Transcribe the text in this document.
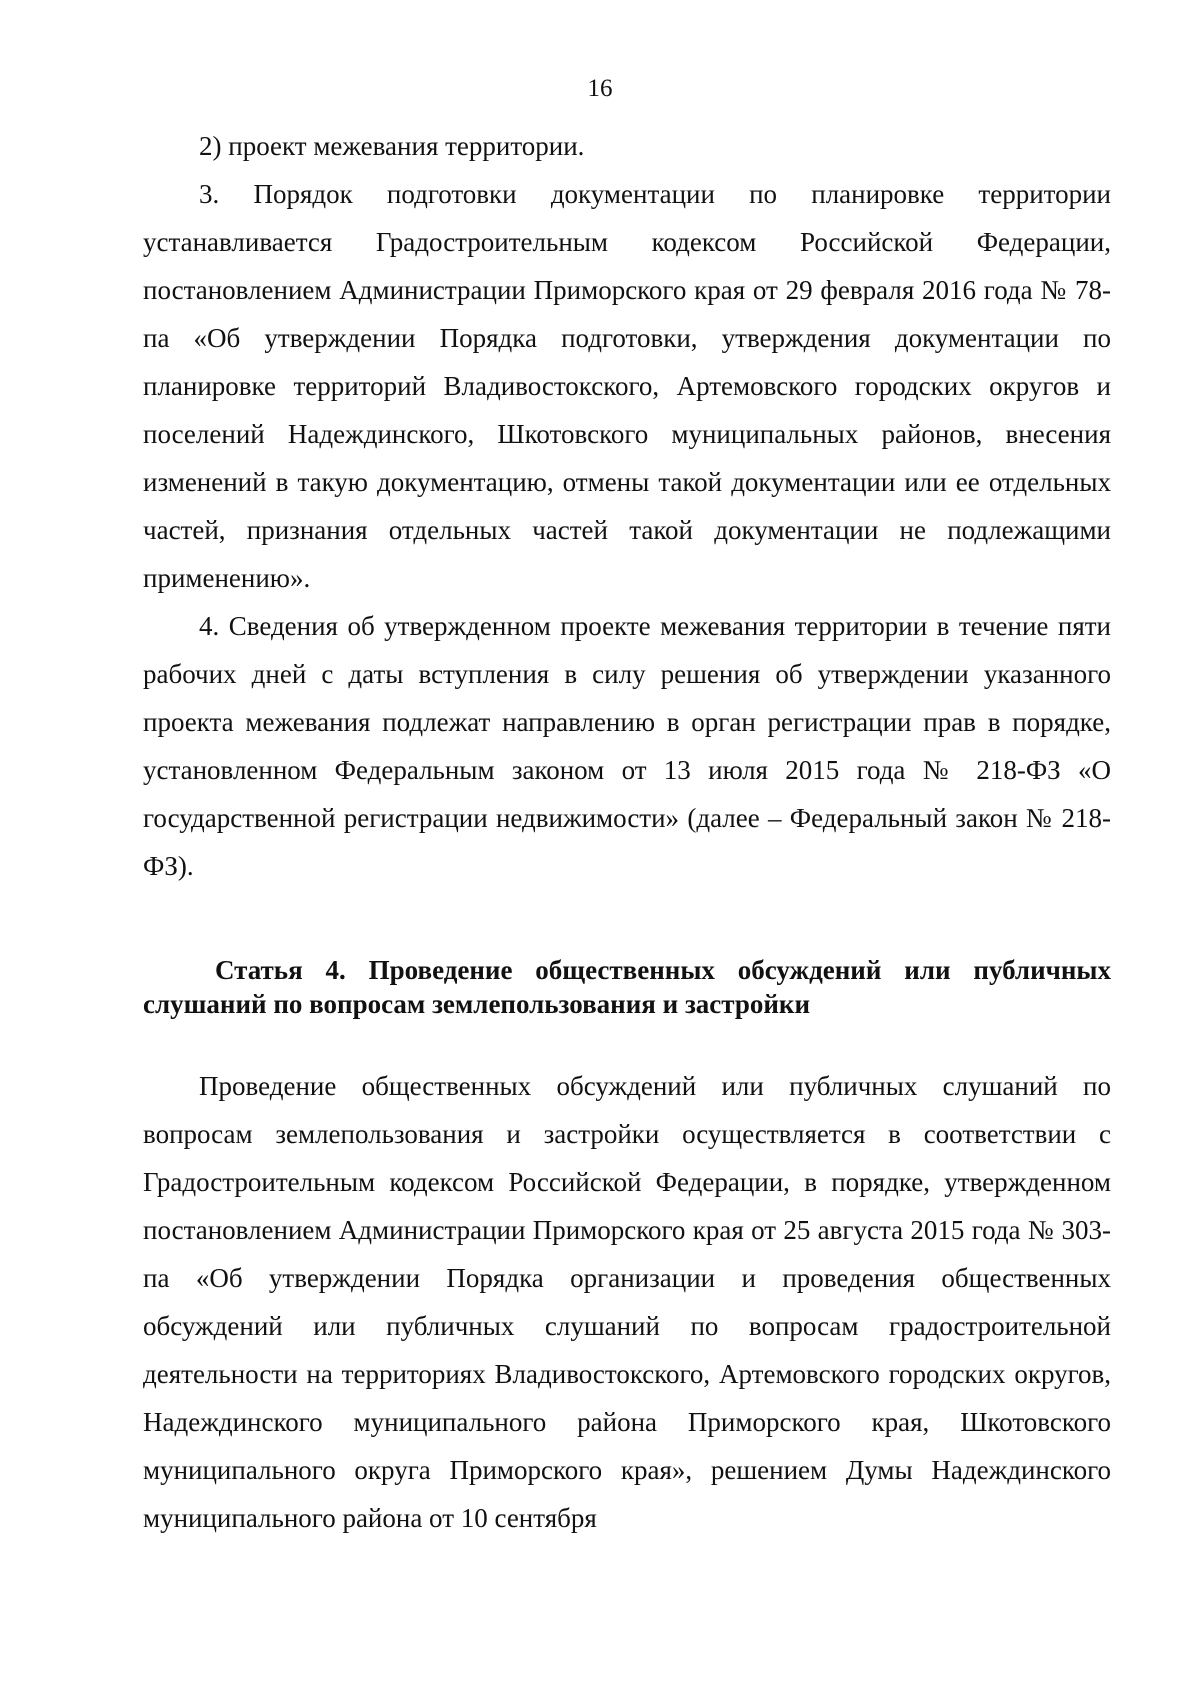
16

2) проект межевания территории.

3. Порядок подготовки документации по планировке территории устанавливается Градостроительным кодексом Российской Федерации, постановлением Администрации Приморского края от 29 февраля 2016 года № 78-па «Об утверждении Порядка подготовки, утверждения документации по планировке территорий Владивостокского, Артемовского городских округов и поселений Надеждинского, Шкотовского муниципальных районов, внесения изменений в такую документацию, отмены такой документации или ее отдельных частей, признания отдельных частей такой документации не подлежащими применению».

4. Сведения об утвержденном проекте межевания территории в течение пяти рабочих дней с даты вступления в силу решения об утверждении указанного проекта межевания подлежат направлению в орган регистрации прав в порядке, установленном Федеральным законом от 13 июля 2015 года № 218-ФЗ «О государственной регистрации недвижимости» (далее – Федеральный закон № 218-ФЗ).

Статья 4. Проведение общественных обсуждений или публичных слушаний по вопросам землепользования и застройки

Проведение общественных обсуждений или публичных слушаний по вопросам землепользования и застройки осуществляется в соответствии с Градостроительным кодексом Российской Федерации, в порядке, утвержденном постановлением Администрации Приморского края от 25 августа 2015 года № 303-па «Об утверждении Порядка организации и проведения общественных обсуждений или публичных слушаний по вопросам градостроительной деятельности на территориях Владивостокского, Артемовского городских округов, Надеждинского муниципального района Приморского края, Шкотовского муниципального округа Приморского края», решением Думы Надеждинского муниципального района от 10 сентября
